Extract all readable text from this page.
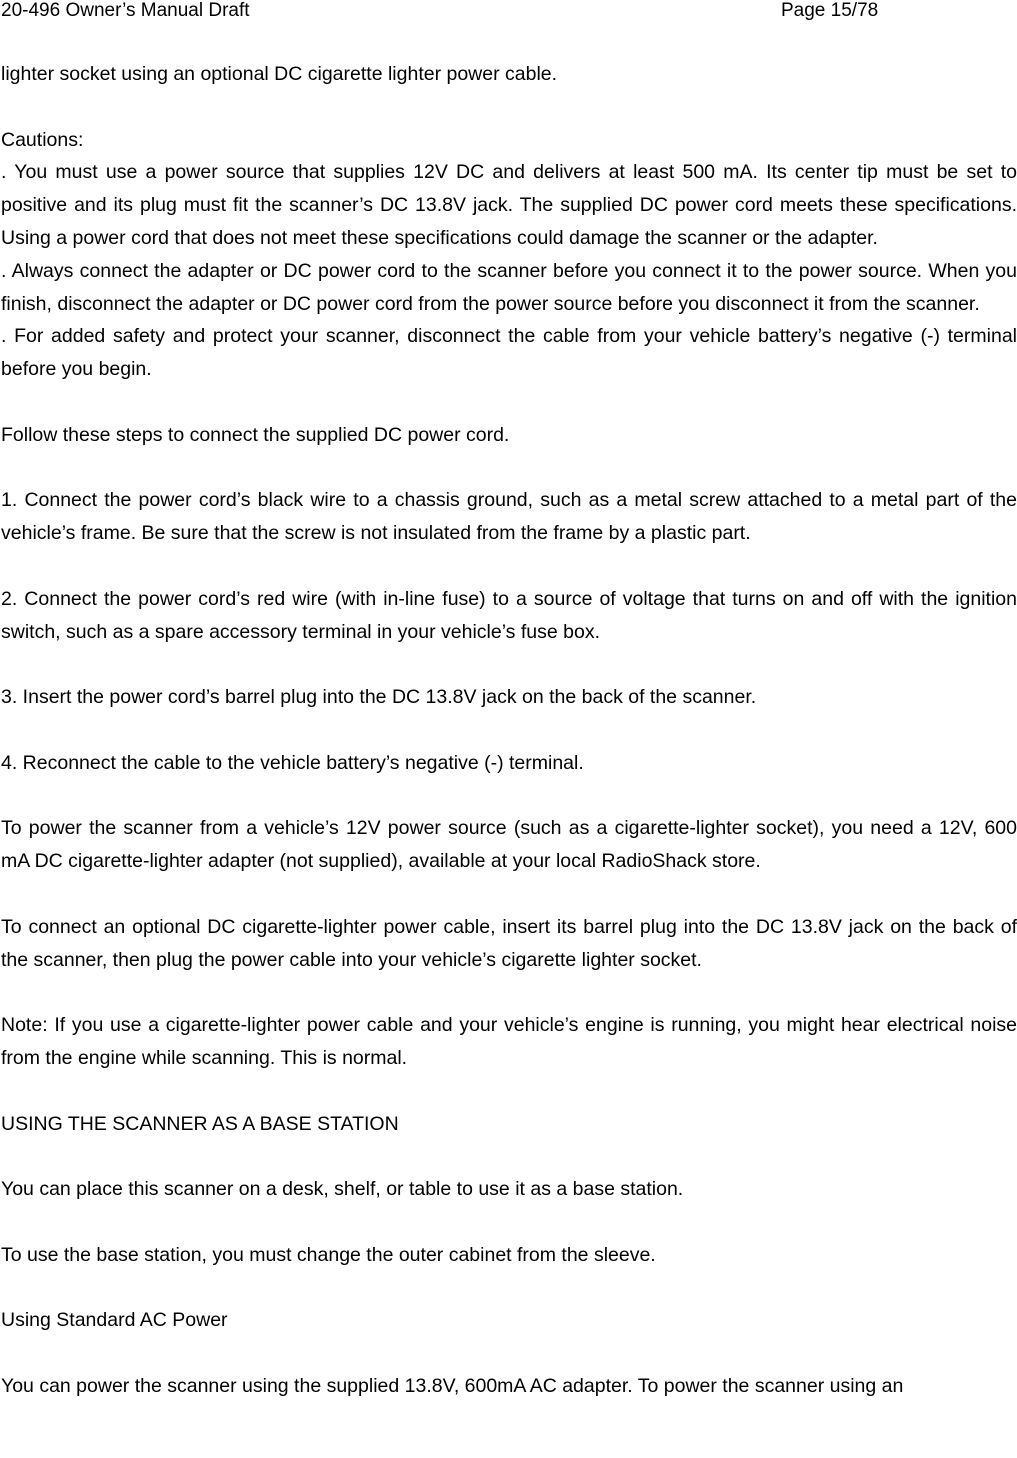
20-496 Owner’s Manual Draft	Page 15/78

lighter socket using an optional DC cigarette lighter power cable.

Cautions:

. You must use a power source that supplies 12V DC and delivers at least 500 mA. Its center tip must be set to positive and its plug must fit the scanner’s DC 13.8V jack. The supplied DC power cord meets these specifications. Using a power cord that does not meet these specifications could damage the scanner or the adapter.

. Always connect the adapter or DC power cord to the scanner before you connect it to the power source. When you finish, disconnect the adapter or DC power cord from the power source before you disconnect it from the scanner.

. For added safety and protect your scanner, disconnect the cable from your vehicle battery’s negative (-) terminal before you begin.

Follow these steps to connect the supplied DC power cord.

1. Connect the power cord’s black wire to a chassis ground, such as a metal screw attached to a metal part of the vehicle’s frame. Be sure that the screw is not insulated from the frame by a plastic part.

2. Connect the power cord’s red wire (with in-line fuse) to a source of voltage that turns on and off with the ignition switch, such as a spare accessory terminal in your vehicle’s fuse box.

3. Insert the power cord’s barrel plug into the DC 13.8V jack on the back of the scanner.

4. Reconnect the cable to the vehicle battery’s negative (-) terminal.

To power the scanner from a vehicle’s 12V power source (such as a cigarette-lighter socket), you need a 12V, 600 mA DC cigarette-lighter adapter (not supplied), available at your local RadioShack store.

To connect an optional DC cigarette-lighter power cable, insert its barrel plug into the DC 13.8V jack on the back of the scanner, then plug the power cable into your vehicle’s cigarette lighter socket.

Note: If you use a cigarette-lighter power cable and your vehicle’s engine is running, you might hear electrical noise from the engine while scanning. This is normal.

USING THE SCANNER AS A BASE STATION

You can place this scanner on a desk, shelf, or table to use it as a base station.

To use the base station, you must change the outer cabinet from the sleeve.

Using Standard AC Power

You can power the scanner using the supplied 13.8V, 600mA AC adapter. To power the scanner using an
